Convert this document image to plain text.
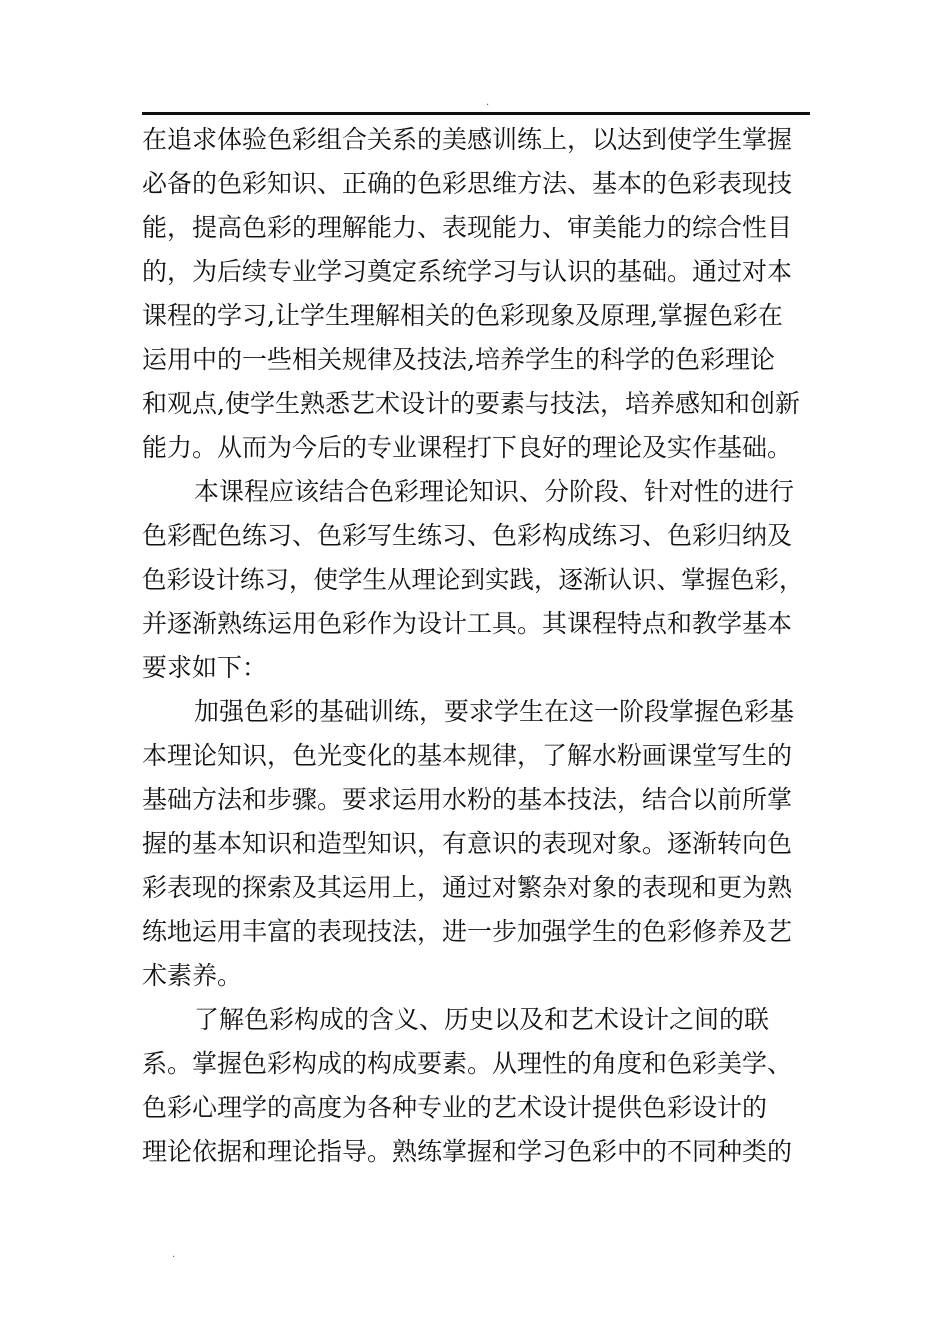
.
在追求体验色彩组合关系的美感训练上，以达到使学生掌握
必备的色彩知识、正确的色彩思维方法、基本的色彩表现技
能，提高色彩的理解能力、表现能力、审美能力的综合性目
的，为后续专业学习奠定系统学习与认识的基础。通过对本
课程的学习,让学生理解相关的色彩现象及原理,掌握色彩在
运用中的一些相关规律及技法,培养学生的科学的色彩理论
和观点,使学生熟悉艺术设计的要素与技法，培养感知和创新
能力。从而为今后的专业课程打下良好的理论及实作基础。
本课程应该结合色彩理论知识、分阶段、针对性的进行
色彩配色练习、色彩写生练习、色彩构成练习、色彩归纳及
色彩设计练习，使学生从理论到实践，逐渐认识、掌握色彩，
并逐渐熟练运用色彩作为设计工具。其课程特点和教学基本
要求如下：
加强色彩的基础训练，要求学生在这一阶段掌握色彩基
本理论知识，色光变化的基本规律，了解水粉画课堂写生的
基础方法和步骤。要求运用水粉的基本技法，结合以前所掌
握的基本知识和造型知识，有意识的表现对象。逐渐转向色
彩表现的探索及其运用上，通过对繁杂对象的表现和更为熟
练地运用丰富的表现技法，进一步加强学生的色彩修养及艺
术素养。
了解色彩构成的含义、历史以及和艺术设计之间的联
系。掌握色彩构成的构成要素。从理性的角度和色彩美学、
色彩心理学的高度为各种专业的艺术设计提供色彩设计的
理论依据和理论指导。熟练掌握和学习色彩中的不同种类的
.
